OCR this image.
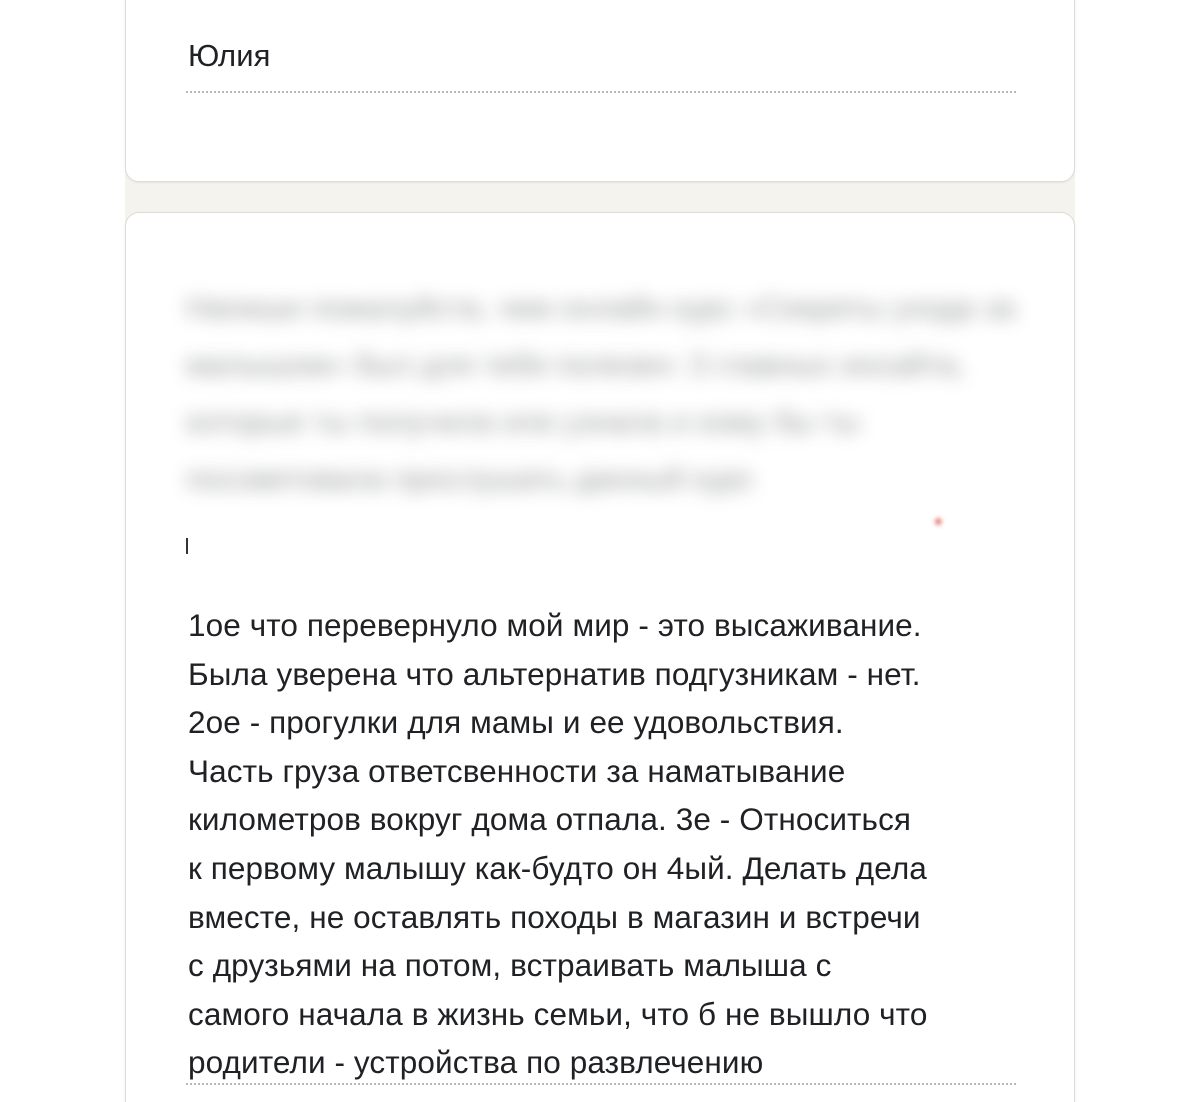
Юлия
Напиши пожалуйста, чем онлайн курс «Секреты ухода за малышом» был для тебя полезен: 3 главных инсайта, которые ты получила или узнала и кому бы ты посоветовала прослушать данный курс
*
1ое что перевернуло мой мир - это высаживание.
Была уверена что альтернатив подгузникам - нет.
2ое - прогулки для мамы и ее удовольствия.
Часть груза ответсвенности за наматывание
километров вокруг дома отпала. 3е - Относиться
к первому малышу как-будто он 4ый. Делать дела
вместе, не оставлять походы в магазин и встречи
с друзьями на потом, встраивать малыша с
самого начала в жизнь семьи, что б не вышло что
родители - устройства по развлечению
